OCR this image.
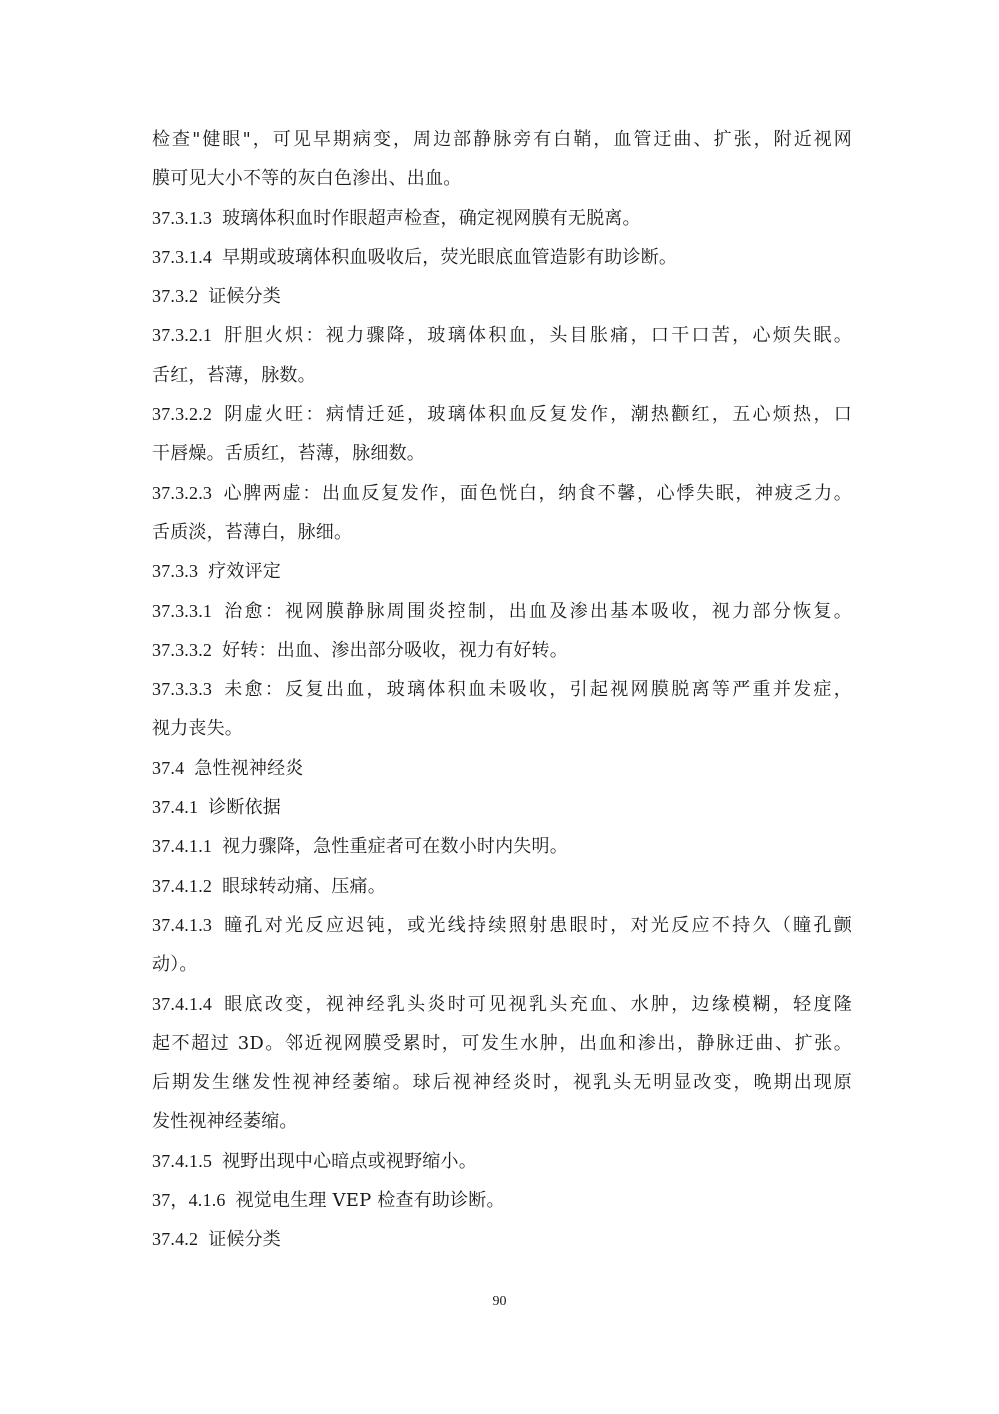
检查"健眼"，可见早期病变，周边部静脉旁有白鞘，血管迂曲、扩张，附近视网
膜可见大小不等的灰白色渗出、出血。
37.3.1.3 玻璃体积血时作眼超声检查，确定视网膜有无脱离。
37.3.1.4 早期或玻璃体积血吸收后，荧光眼底血管造影有助诊断。
37.3.2 证候分类
37.3.2.1 肝胆火炽：视力骤降，玻璃体积血，头目胀痛，口干口苦，心烦失眠。
舌红，苔薄，脉数。
37.3.2.2 阴虚火旺：病情迁延，玻璃体积血反复发作，潮热颧红，五心烦热，口
干唇燥。舌质红，苔薄，脉细数。
37.3.2.3 心脾两虚：出血反复发作，面色恍白，纳食不馨，心悸失眠，神疲乏力。
舌质淡，苔薄白，脉细。
37.3.3 疗效评定
37.3.3.1 治愈：视网膜静脉周围炎控制，出血及渗出基本吸收，视力部分恢复。
37.3.3.2 好转：出血、渗出部分吸收，视力有好转。
37.3.3.3 未愈：反复出血，玻璃体积血未吸收，引起视网膜脱离等严重并发症，
视力丧失。
37.4 急性视神经炎
37.4.1 诊断依据
37.4.1.1 视力骤降，急性重症者可在数小时内失明。
37.4.1.2 眼球转动痛、压痛。
37.4.1.3 瞳孔对光反应迟钝，或光线持续照射患眼时，对光反应不持久（瞳孔颤
动）。
37.4.1.4 眼底改变，视神经乳头炎时可见视乳头充血、水肿，边缘模糊，轻度隆
起不超过 3D。邻近视网膜受累时，可发生水肿，出血和渗出，静脉迂曲、扩张。
后期发生继发性视神经萎缩。球后视神经炎时，视乳头无明显改变，晚期出现原
发性视神经萎缩。
37.4.1.5 视野出现中心暗点或视野缩小。
37，4.1.6 视觉电生理 VEP 检查有助诊断。
37.4.2 证候分类
90
